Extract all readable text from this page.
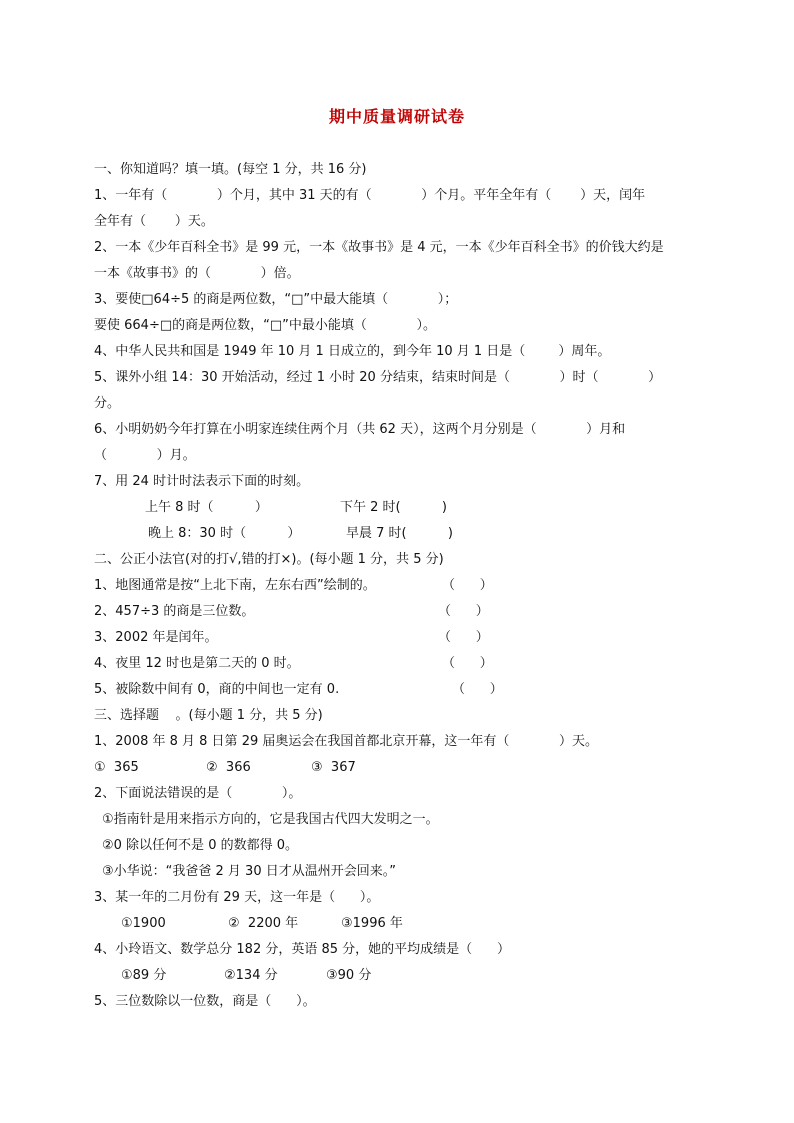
期中质量调研试卷
一、你知道吗？填一填。(每空 1 分，共 16 分)
1、一年有（            ）个月，其中 31 天的有（            ）个月。平年全年有（       ）天，闰年
全年有（       ）天。
2、一本《少年百科全书》是 99 元，一本《故事书》是 4 元，一本《少年百科全书》的价钱大约是
一本《故事书》的（            ）倍。
3、要使□64÷5 的商是两位数，“□”中最大能填（            ）；
要使 664÷□的商是两位数，“□”中最小能填（            ）。
4、中华人民共和国是 1949 年 10 月 1 日成立的，到今年 10 月 1 日是（        ）周年。
5、课外小组 14：30 开始活动，经过 1 小时 20 分结束，结束时间是（            ）时（            ）
分。
6、小明奶奶今年打算在小明家连续住两个月（共 62 天），这两个月分别是（            ）月和
（            ）月。
7、用 24 时计时法表示下面的时刻。
上午 8 时（          ）	下午 2 时(          )
晚上 8：30 时（          ）	早晨 7 时(          )
二、公正小法官(对的打√,错的打×)。(每小题 1 分，共 5 分)
1、地图通常是按“上北下南，左东右西”绘制的。	（      ）
2、457÷3 的商是三位数。	（      ）
3、2002 年是闰年。	（      ）
4、夜里 12 时也是第二天的 0 时。	（      ）
5、被除数中间有 0，商的中间也一定有 0.	（      ）
三、选择题    。(每小题 1 分，共 5 分)
1、2008 年 8 月 8 日第 29 届奥运会在我国首都北京开幕，这一年有（            ）天。
①  365	②  366	③  367
2、下面说法错误的是（            ）。
①指南针是用来指示方向的，它是我国古代四大发明之一。
②0 除以任何不是 0 的数都得 0。
③小华说：“我爸爸 2 月 30 日才从温州开会回来。”
3、某一年的二月份有 29 天，这一年是（      ）。
①1900	②  2200 年	③1996 年
4、小玲语文、数学总分 182 分，英语 85 分，她的平均成绩是（      ）
①89 分	②134 分	③90 分
5、三位数除以一位数，商是（      ）。
